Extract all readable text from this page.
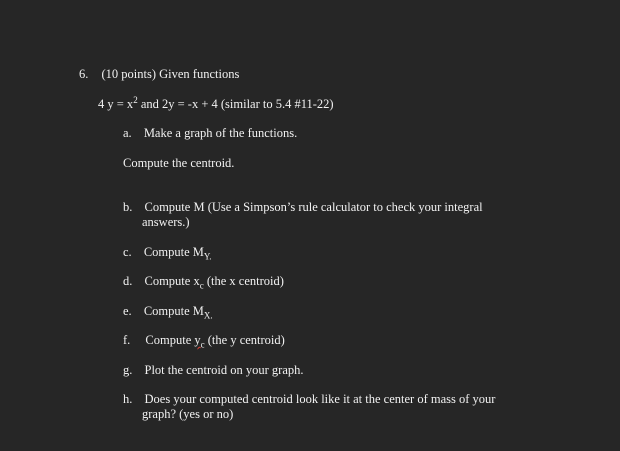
6. (10 points) Given functions
4 $y = x^2$ and 2y = -x + 4 (similar to 5.4 #11-22)
a. Make a graph of the functions.
Compute the centroid.
b. Compute M (Use a Simpson’s rule calculator to check your integral
answers.)
c. Compute $M_{Y.}$
d. Compute $x_c$ (the x centroid)
e. Compute $M_{X.}$
f. Compute $y_c$ (the y centroid)
g. Plot the centroid on your graph.
h. Does your computed centroid look like it at the center of mass of your
graph? (yes or no)
